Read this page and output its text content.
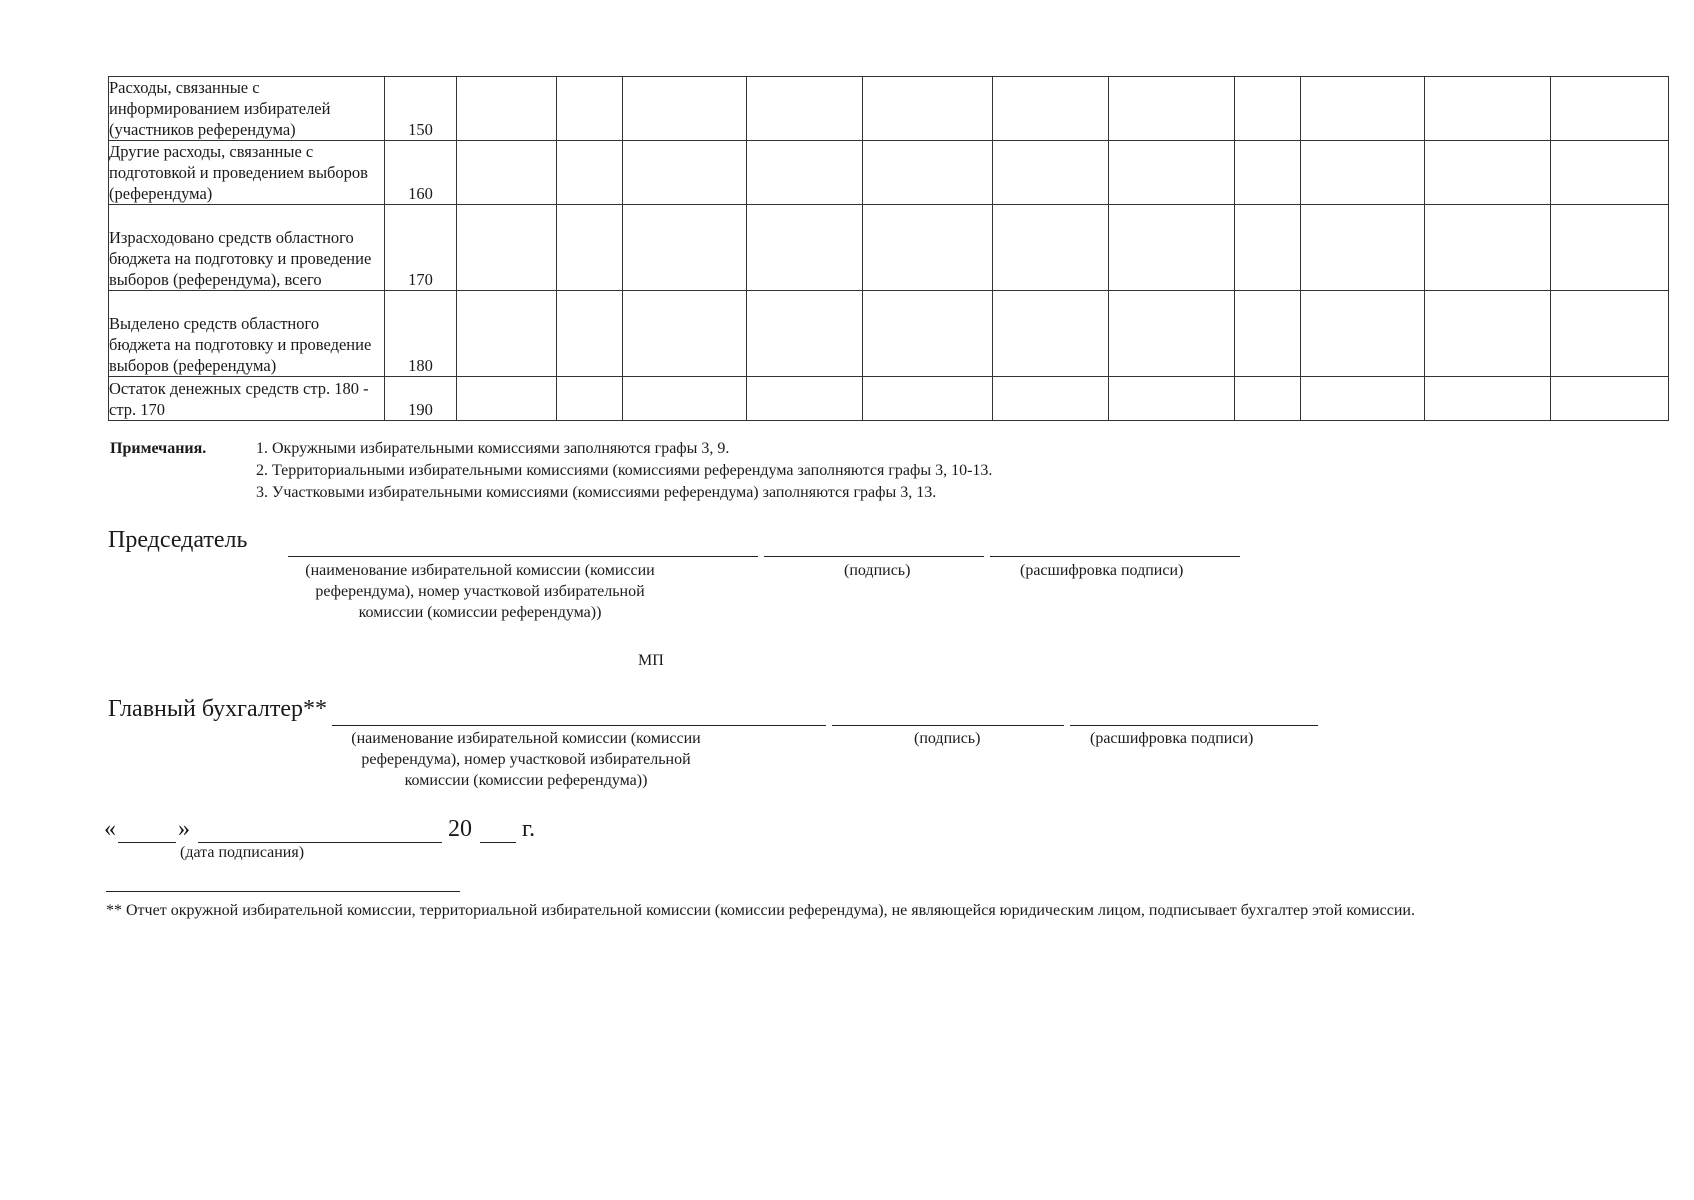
Расходы, связанные с информированием избирателей (участников референдума)	150											
Другие расходы, связанные с подготовкой и проведением выборов (референдума)	160											
Израсходовано средств областного бюджета на подготовку и проведение выборов (референдума), всего	170											
Выделено средств областного бюджета на подготовку и проведение выборов (референдума)	180											
Остаток денежных средств стр. 180 - стр. 170	190											
Примечания.	1. Окружными избирательными комиссиями заполняются графы 3, 9.
2. Территориальными избирательными комиссиями (комиссиями референдума заполняются графы 3, 10-13.
3. Участковыми избирательными комиссиями (комиссиями референдума) заполняются графы 3, 13.
Председатель
(наименование избирательной комиссии (комиссии
референдума), номер участковой избирательной
комиссии (комиссии референдума))
(подпись)	(расшифровка подписи)
МП
Главный бухгалтер**
(наименование избирательной комиссии (комиссии
референдума), номер участковой избирательной
комиссии (комиссии референдума))
(подпись)	(расшифровка подписи)
«	»	20 г.
(дата подписания)
** Отчет окружной избирательной комиссии, территориальной избирательной комиссии (комиссии референдума), не являющейся юридическим лицом, подписывает бухгалтер этой комиссии.
